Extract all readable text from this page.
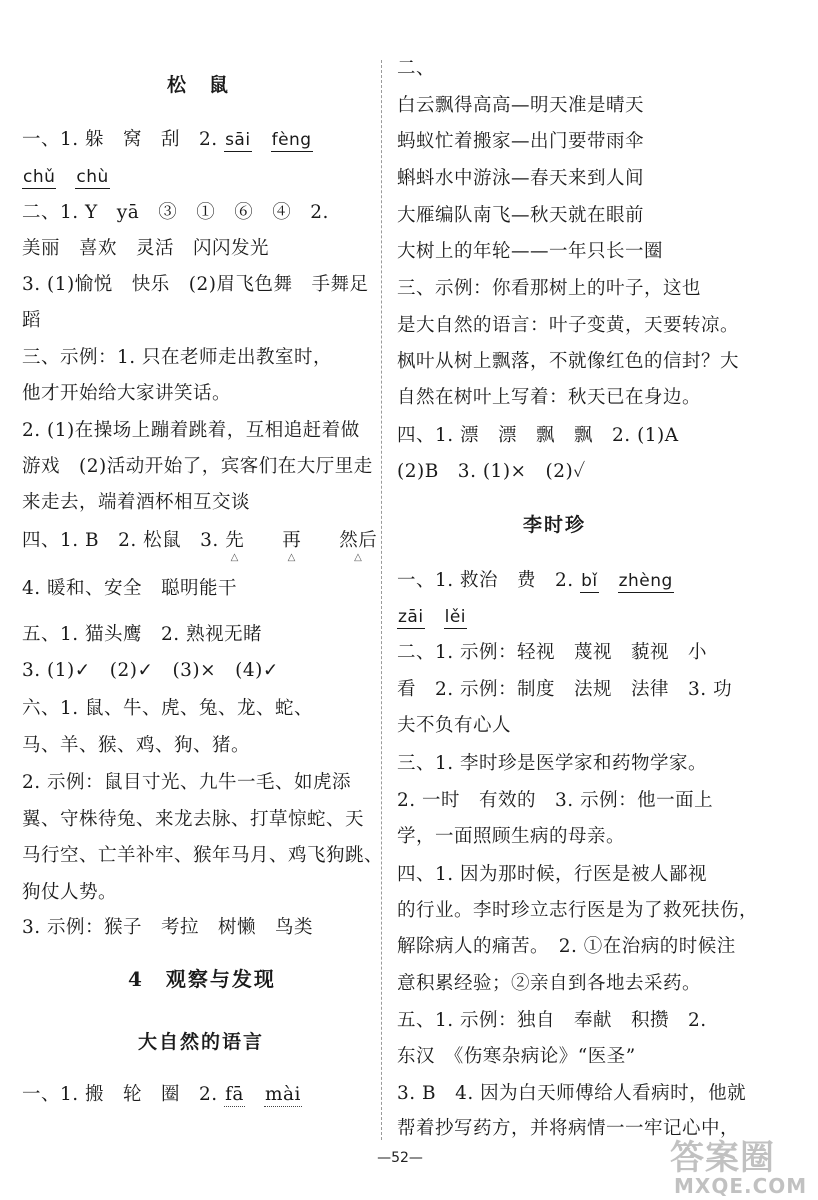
松　鼠
一、1. 躲　窝　刮　2. sāi　 fèng
chǔ　 chù
二、1. Y　yā　③　①　⑥　④　2.
美丽　喜欢　灵活　闪闪发光
3. (1)愉悦　快乐　(2)眉飞色舞　手舞足
蹈
三、示例：1. 只在老师走出教室时，
他才开始给大家讲笑话。
2. (1)在操场上蹦着跳着，互相追赶着做
游戏　(2)活动开始了，宾客们在大厅里走
来走去，端着酒杯相互交谈
四、1. B　2. 松鼠　3. 先 △　　 再 △　　 然后 △
4. 暖和、安全　聪明能干
五、1. 猫头鹰　2. 熟视无睹
3. (1)✓　(2)✓　(3)×　(4)✓
六、1. 鼠、牛、虎、兔、龙、蛇、
马、羊、猴、鸡、狗、猪。
2. 示例：鼠目寸光、九牛一毛、如虎添
翼、守株待兔、来龙去脉、打草惊蛇、天
马行空、亡羊补牢、猴年马月、鸡飞狗跳、
狗仗人势。
3. 示例：猴子　考拉　树懒　鸟类
4　观察与发现
大自然的语言
一、1. 搬　轮　圈　2. fā　 mài
二、
白云飘得高高—明天准是晴天
蚂蚁忙着搬家—出门要带雨伞
蝌蚪水中游泳—春天来到人间
大雁编队南飞—秋天就在眼前
大树上的年轮——一年只长一圈
三、示例：你看那树上的叶子，这也
是大自然的语言：叶子变黄，天要转凉。
枫叶从树上飘落，不就像红色的信封？大
自然在树叶上写着：秋天已在身边。
四、1. 漂　漂　飘　飘　2. (1)A
(2)B　3. (1)×　(2)✓
李时珍
一、1. 救治　费　2. bǐ　 zhèng
zāi　 lěi
二、1. 示例：轻视　蔑视　藐视　小
看　2. 示例：制度　法规　法律　3. 功
夫不负有心人
三、1. 李时珍是医学家和药物学家。
2. 一时　有效的　3. 示例：他一面上
学，一面照顾生病的母亲。
四、1. 因为那时候，行医是被人鄙视
的行业。李时珍立志行医是为了救死扶伤，
解除病人的痛苦。　2. ①在治病的时候注
意积累经验；②亲自到各地去采药。
五、1. 示例：独自　奉献　积攒　2.
东汉　《伤寒杂病论》“医圣”
3. B　4. 因为白天师傅给人看病时，他就
帮着抄写药方，并将病情一一牢记心中，
—52—	答案圈
MXQE.COM
